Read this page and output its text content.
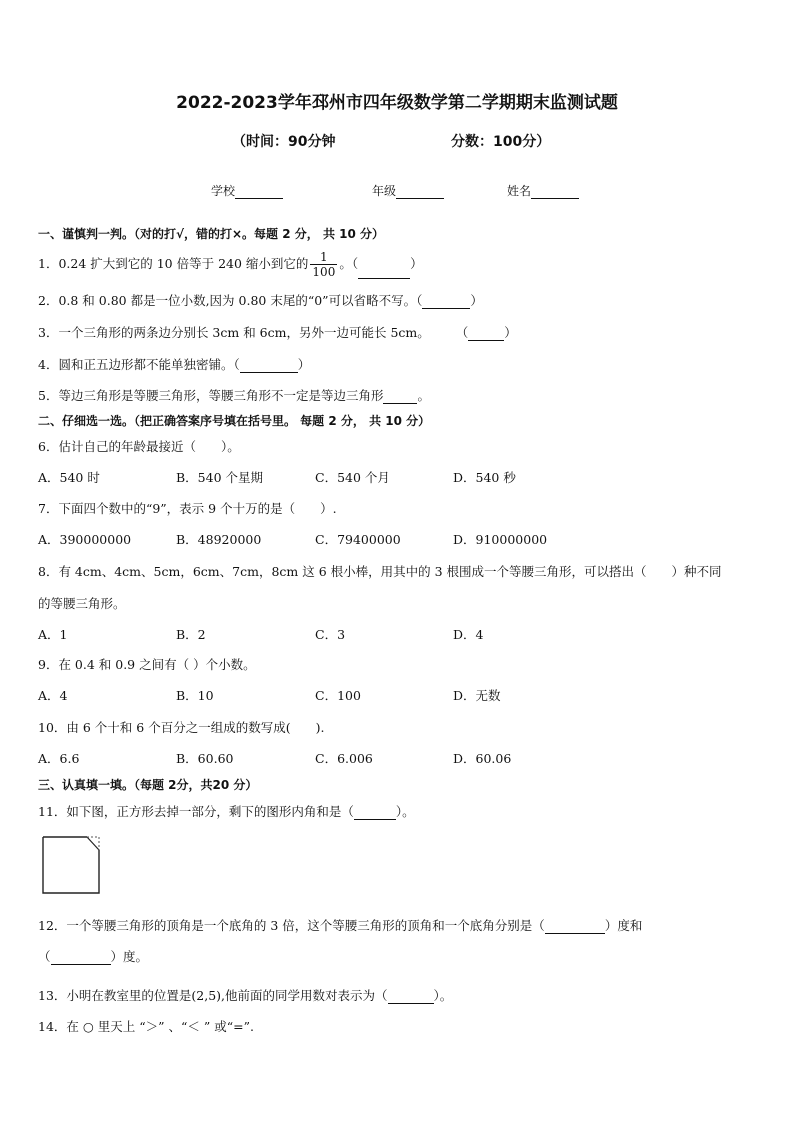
2022-2023学年邳州市四年级数学第二学期期末监测试题
（时间：90分钟	分数：100分）
学校	年级	姓名
一、谨慎判一判。（对的打√，错的打×。每题 2 分， 共 10 分）
1．0.24 扩大到它的 10 倍等于 240 缩小到它的 $\frac{1}{100}$ 。（	）
2．0.8 和 0.80 都是一位小数,因为 0.80 末尾的“0”可以省略不写。（	）
3．一个三角形的两条边分别长 3cm 和 6cm，另外一边可能长 5cm。 （	）
4．圆和正五边形都不能单独密铺。（	）
5．等边三角形是等腰三角形，等腰三角形不一定是等边三角形	。
二、仔细选一选。（把正确答案序号填在括号里。 每题 2 分， 共 10 分）
6．估计自己的年龄最接近（　　）。
A．540 时	B．540 个星期	C．540 个月	D．540 秒
7．下面四个数中的“9”，表示 9 个十万的是（　　）.
A．390000000	B．48920000	C．79400000	D．910000000
8．有 4cm、4cm、5cm，6cm、7cm，8cm 这 6 根小棒，用其中的 3 根围成一个等腰三角形，可以搭出（　　）种不同
的等腰三角形。
A．1	B．2	C．3	D．4
9．在 0.4 和 0.9 之间有（ ）个小数。
A．4	B．10	C．100	D．无数
10．由 6 个十和 6 个百分之一组成的数写成(　　).
A．6.6	B．60.60	C．6.006	D．60.06
三、认真填一填。（每题 2分，共20 分）
11．如下图，正方形去掉一部分，剩下的图形内角和是（	）。
12．一个等腰三角形的顶角是一个底角的 3 倍，这个等腰三角形的顶角和一个底角分别是（	）度和
（	）度。
13．小明在教室里的位置是(2,5),他前面的同学用数对表示为（	）。
14．在 ○ 里天上 “＞” 、“＜ ” 或“=”.
